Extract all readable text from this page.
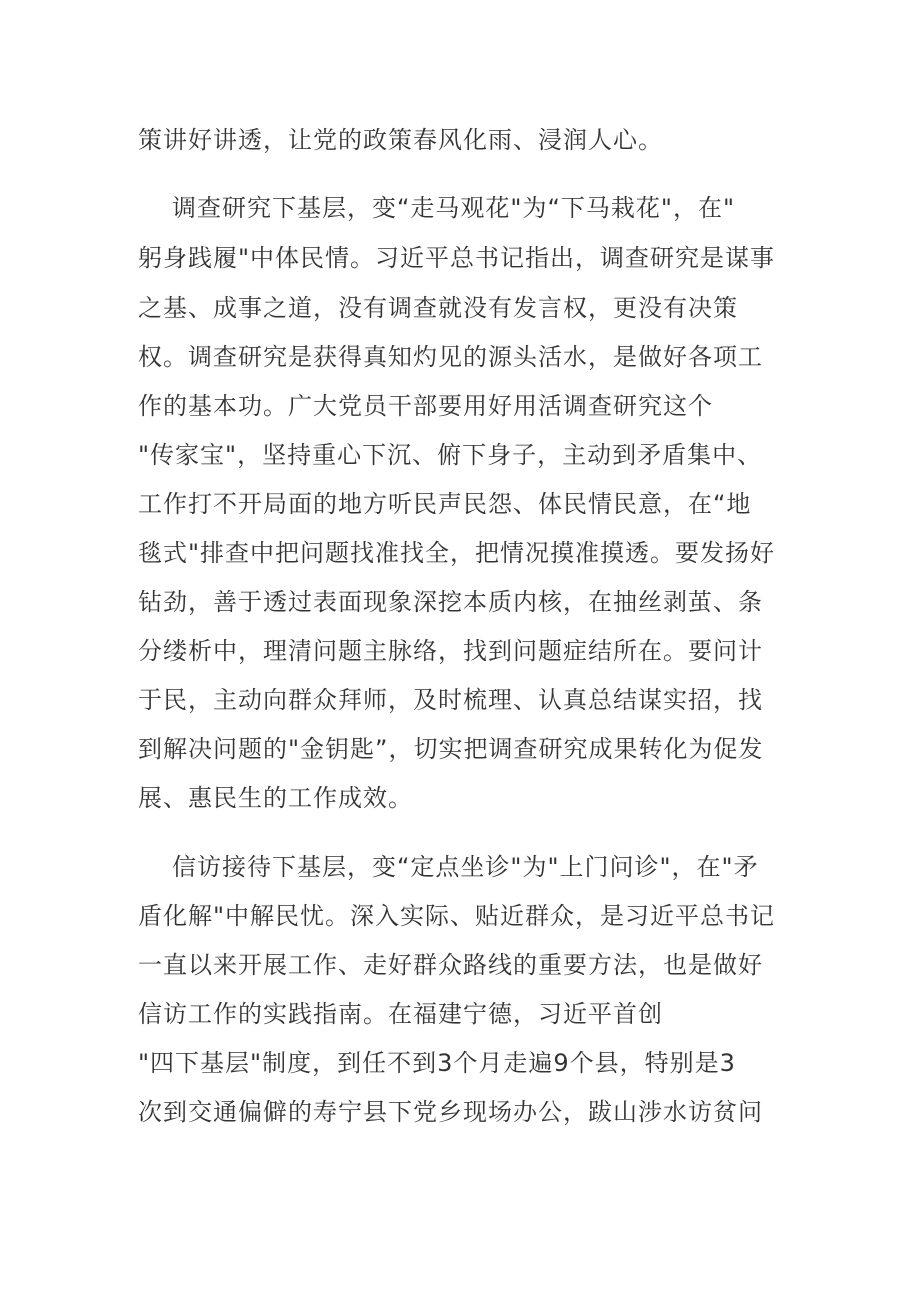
策讲好讲透，让党的政策春风化雨、浸润人心。
调查研究下基层，变“走马观花"为“下马栽花"，在"
躬身践履"中体民情。习近平总书记指出，调查研究是谋事
之基、成事之道，没有调查就没有发言权，更没有决策
权。调查研究是获得真知灼见的源头活水，是做好各项工
作的基本功。广大党员干部要用好用活调查研究这个
"传家宝"，坚持重心下沉、俯下身子，主动到矛盾集中、
工作打不开局面的地方听民声民怨、体民情民意，在“地
毯式"排查中把问题找准找全，把情况摸准摸透。要发扬好
钻劲，善于透过表面现象深挖本质内核，在抽丝剥茧、条
分缕析中，理清问题主脉络，找到问题症结所在。要问计
于民，主动向群众拜师，及时梳理、认真总结谋实招，找
到解决问题的"金钥匙”，切实把调查研究成果转化为促发
展、惠民生的工作成效。
信访接待下基层，变“定点坐诊"为"上门问诊"，在"矛
盾化解"中解民忧。深入实际、贴近群众，是习近平总书记
一直以来开展工作、走好群众路线的重要方法，也是做好
信访工作的实践指南。在福建宁德，习近平首创
"四下基层"制度，到任不到3个月走遍9个县，特别是3
次到交通偏僻的寿宁县下党乡现场办公，跋山涉水访贫问
